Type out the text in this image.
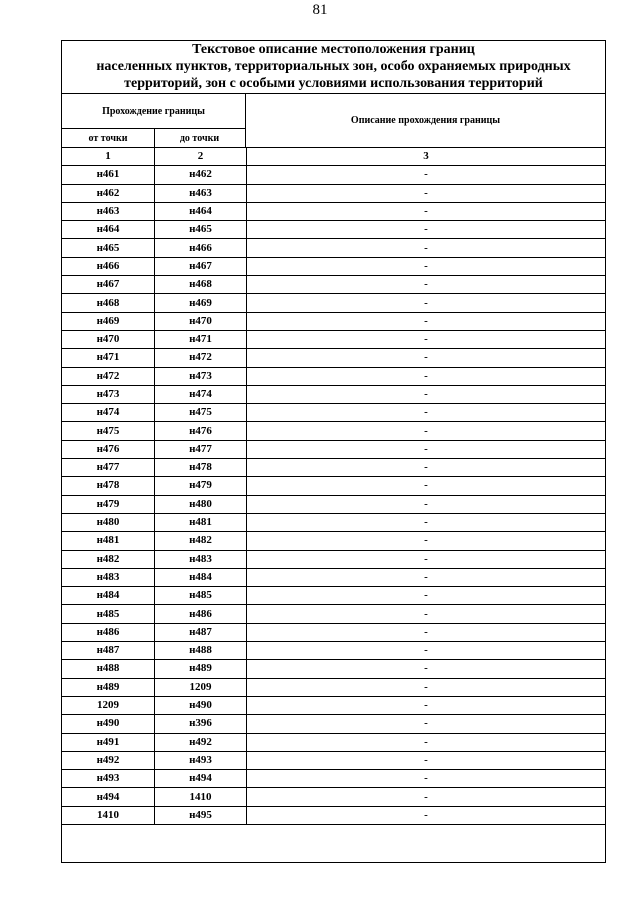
81
Текстовое описание местоположения границ
населенных пунктов, территориальных зон, особо охраняемых природных
территорий, зон с особыми условиями использования территорий
Прохождение границы
от точки	до точки
Описание прохождения границы
1	2	3
н461	н462	-
н462	н463	-
н463	н464	-
н464	н465	-
н465	н466	-
н466	н467	-
н467	н468	-
н468	н469	-
н469	н470	-
н470	н471	-
н471	н472	-
н472	н473	-
н473	н474	-
н474	н475	-
н475	н476	-
н476	н477	-
н477	н478	-
н478	н479	-
н479	н480	-
н480	н481	-
н481	н482	-
н482	н483	-
н483	н484	-
н484	н485	-
н485	н486	-
н486	н487	-
н487	н488	-
н488	н489	-
н489	1209	-
1209	н490	-
н490	н396	-
н491	н492	-
н492	н493	-
н493	н494	-
н494	1410	-
1410	н495	-
